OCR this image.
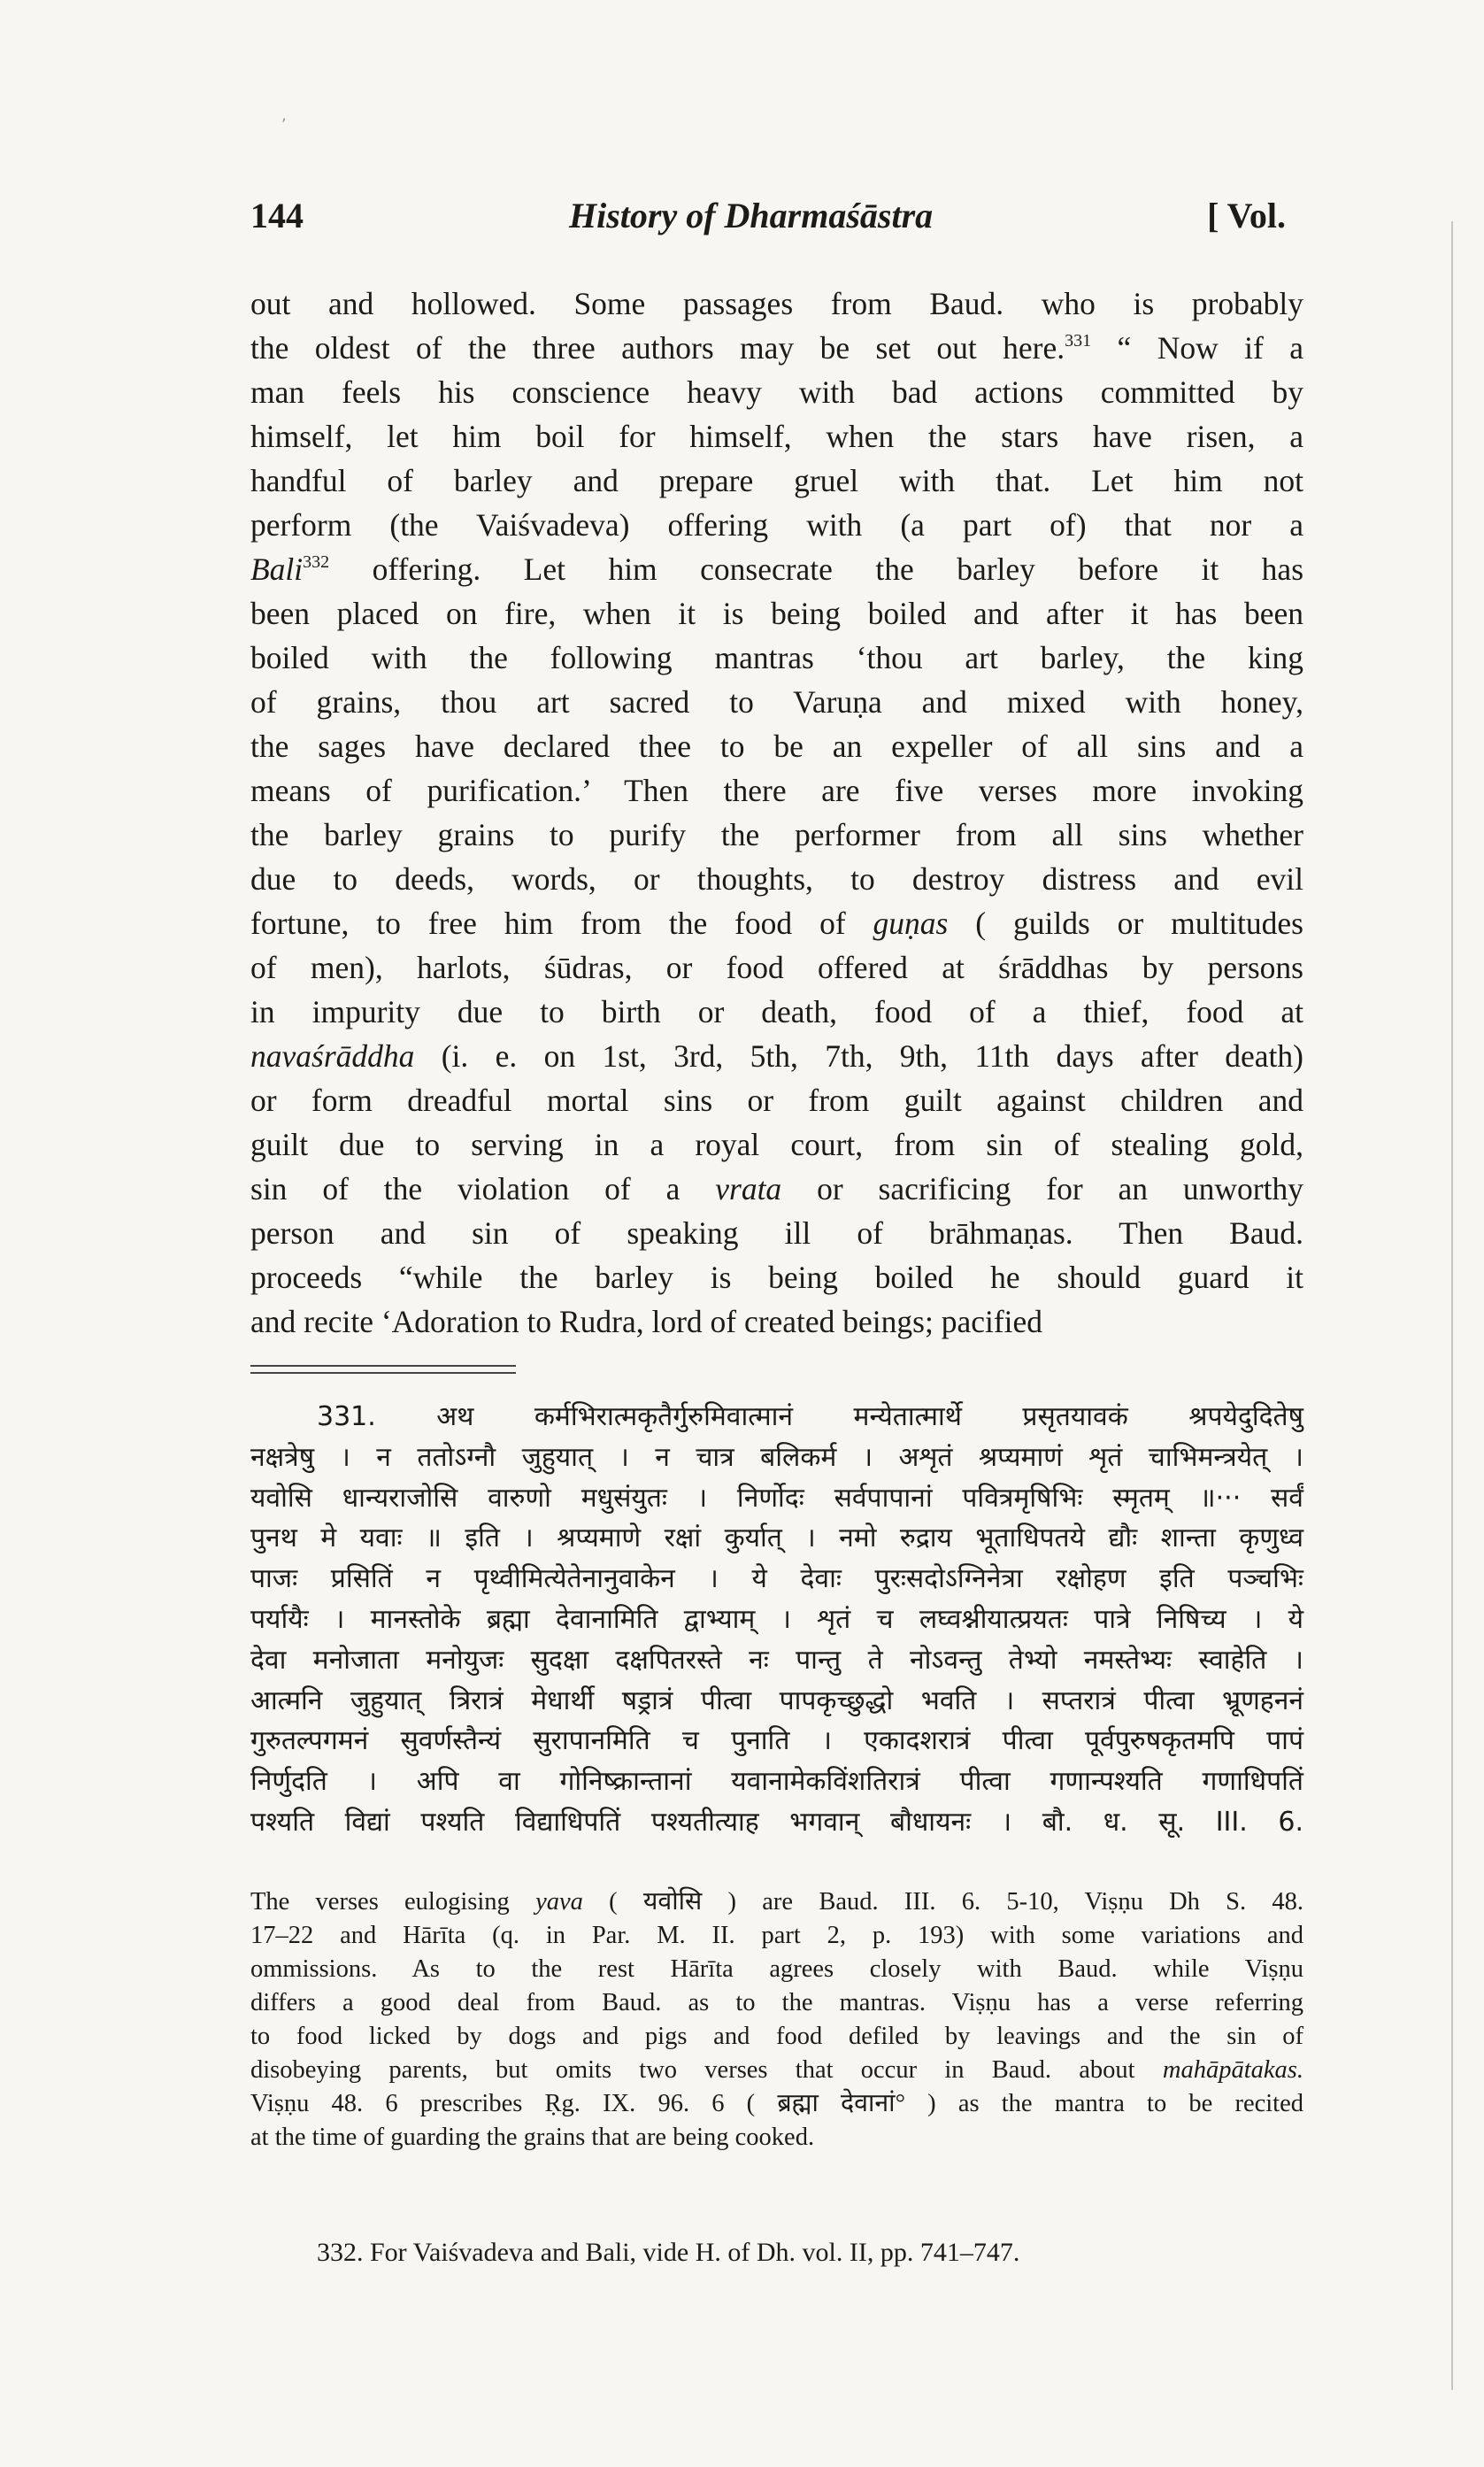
,
144	History of Dharmaśāstra	[ Vol.
out and hollowed. Some passages from Baud. who is probably
the oldest of the three authors may be set out here.$^{331}$ “ Now if a
man feels his conscience heavy with bad actions committed by
himself, let him boil for himself, when the stars have risen, a
handful of barley and prepare gruel with that. Let him not
perform (the Vaiśvadeva) offering with (a part of) that nor a
Bali$^{332}$ offering. Let him consecrate the barley before it has
been placed on fire, when it is being boiled and after it has been
boiled with the following mantras ‘thou art barley, the king
of grains, thou art sacred to Varuṇa and mixed with honey,
the sages have declared thee to be an expeller of all sins and a
means of purification.’ Then there are five verses more invoking
the barley grains to purify the performer from all sins whether
due to deeds, words, or thoughts, to destroy distress and evil
fortune, to free him from the food of guṇas ( guilds or multitudes
of men), harlots, śūdras, or food offered at śrāddhas by persons
in impurity due to birth or death, food of a thief, food at
navaśrāddha (i. e. on 1st, 3rd, 5th, 7th, 9th, 11th days after death)
or form dreadful mortal sins or from guilt against children and
guilt due to serving in a royal court, from sin of stealing gold,
sin of the violation of a vrata or sacrificing for an unworthy
person and sin of speaking ill of brāhmaṇas. Then Baud.
proceeds “while the barley is being boiled he should guard it
and recite ‘Adoration to Rudra, lord of created beings; pacified
331. अथ कर्मभिरात्मकृतैर्गुरुमिवात्मानं मन्येतात्मार्थे प्रसृतयावकं श्रपयेदुदितेषु
नक्षत्रेषु । न ततोऽग्नौ जुहुयात् । न चात्र बलिकर्म । अशृतं श्रप्यमाणं शृतं चाभिमन्त्रयेत् ।
यवोसि धान्यराजोसि वारुणो मधुसंयुतः । निर्णोदः सर्वपापानां पवित्रमृषिभिः स्मृतम् ॥··· सर्वं
पुनथ मे यवाः ॥ इति । श्रप्यमाणे रक्षां कुर्यात् । नमो रुद्राय भूताधिपतये द्यौः शान्ता कृणुध्व
पाजः प्रसितिं न पृथ्वीमित्येतेनानुवाकेन । ये देवाः पुरःसदोऽग्निनेत्रा रक्षोहण इति पञ्चभिः
पर्यायैः । मानस्तोके ब्रह्मा देवानामिति द्वाभ्याम् । शृतं च लघ्वश्नीयात्प्रयतः पात्रे निषिच्य । ये
देवा मनोजाता मनोयुजः सुदक्षा दक्षपितरस्ते नः पान्तु ते नोऽवन्तु तेभ्यो नमस्तेभ्यः स्वाहेति ।
आत्मनि जुहुयात् त्रिरात्रं मेधार्थी षड्रात्रं पीत्वा पापकृच्छुद्धो भवति । सप्तरात्रं पीत्वा भ्रूणहननं
गुरुतल्पगमनं सुवर्णस्तैन्यं सुरापानमिति च पुनाति । एकादशरात्रं पीत्वा पूर्वपुरुषकृतमपि पापं
निर्णुदति । अपि वा गोनिष्क्रान्तानां यवानामेकविंशतिरात्रं पीत्वा गणान्पश्यति गणाधिपतिं
पश्यति विद्यां पश्यति विद्याधिपतिं पश्यतीत्याह भगवान् बौधायनः । बौ. ध. सू. III. 6.
The verses eulogising yava ( यवोसि ) are Baud. III. 6. 5-10, Viṣṇu Dh S. 48.
17–22 and Hārīta (q. in Par. M. II. part 2, p. 193) with some variations and
ommissions. As to the rest Hārīta agrees closely with Baud. while Viṣṇu
differs a good deal from Baud. as to the mantras. Viṣṇu has a verse referring
to food licked by dogs and pigs and food defiled by leavings and the sin of
disobeying parents, but omits two verses that occur in Baud. about mahāpātakas.
Viṣṇu 48. 6 prescribes Ṛg. IX. 96. 6 ( ब्रह्मा देवानां° ) as the mantra to be recited
at the time of guarding the grains that are being cooked.
332. For Vaiśvadeva and Bali, vide H. of Dh. vol. II, pp. 741–747.
